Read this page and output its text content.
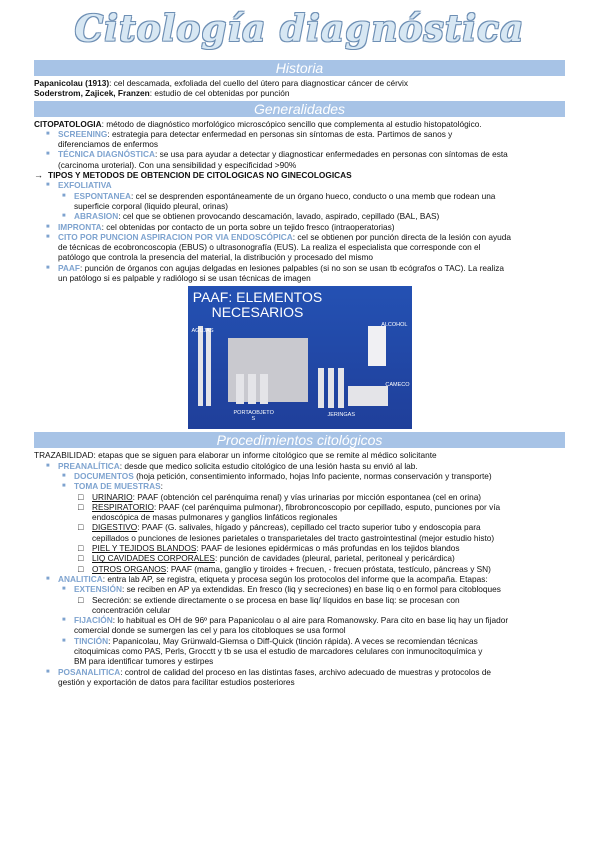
Citología diagnóstica
Historia
Papanicolau (1913): cel descamada, exfoliada del cuello del útero para diagnosticar cáncer de cérvix
Soderstrom, Zajicek, Franzen: estudio de cel obtenidas por punción
Generalidades
CITOPATOLOGIA: método de diagnóstico morfológico microscópico sencillo que complementa al estudio histopatológico.
■ SCREENING: estrategia para detectar enfermedad en personas sin síntomas de esta. Partimos de sanos y
diferenciamos de enfermos
■ TÉCNICA DIAGNÓSTICA: se usa para ayudar a detectar y diagnosticar enfermedades en personas con síntomas de esta
(carcinoma uroterial). Con una sensibilidad y especificidad >90%
→ TIPOS Y METODOS DE OBTENCION DE CITOLOGICAS NO GINECOLOGICAS
■ EXFOLIATIVA
■ ESPONTANEA: cel se desprenden espontáneamente de un órgano hueco, conducto o una memb que rodean una
superficie corporal (liquido pleural, orinas)
■ ABRASION: cel que se obtienen provocando descamación, lavado, aspirado, cepillado (BAL, BAS)
■ IMPRONTA: cel obtenidas por contacto de un porta sobre un tejido fresco (intraoperatorias)
■ CITO POR PUNCION ASPIRACION POR VIA ENDOSCÓPICA: cel se obtienen por punción directa de la lesión con ayuda
de técnicas de ecobroncoscopia (EBUS) o ultrasonografía (EUS). La realiza el especialista que corresponde con el
patólogo que controla la presencia del material, la distribución y procesado del mismo
■ PAAF: punción de órganos con agujas delgadas en lesiones palpables (si no son se usan tb ecógrafos o TAC). La realiza
un patólogo si es palpable y radiólogo si se usan técnicas de imagen
PAAF: ELEMENTOS
NECESARIOS
AGUJAS
ALCOHOL
CAMECO
PORTAOBJETO
S
JERINGAS
Procedimientos citológicos
TRAZABILIDAD: etapas que se siguen para elaborar un informe citológico que se remite al médico solicitante
■ PREANALÍTICA: desde que medico solicita estudio citológico de una lesión hasta su envió al lab.
■ DOCUMENTOS (hoja petición, consentimiento informado, hojas Info paciente, normas conservación y transporte)
■ TOMA DE MUESTRAS:
□ URINARIO: PAAF (obtención cel parénquima renal) y vías urinarias por micción espontanea (cel en orina)
□ RESPIRATORIO: PAAF (cel parénquima pulmonar), fibrobroncoscopio por cepillado, esputo, punciones por vía
endoscópica de masas pulmonares y ganglios linfáticos regionales
□ DIGESTIVO: PAAF (G. salivales, hígado y páncreas), cepillado cel tracto superior tubo y endoscopia para
cepillados o punciones de lesiones parietales o transparietales del tracto gastrointestinal (mejor estudio histo)
□ PIEL Y TEJIDOS BLANDOS: PAAF de lesiones epidérmicas o más profundas en los tejidos blandos
□ LIQ CAVIDADES CORPORALES: punción de cavidades (pleural, parietal, peritoneal y pericárdica)
□ OTROS ORGANOS: PAAF (mama, ganglio y tiroides + frecuen, - frecuen próstata, testículo, páncreas y SN)
■ ANALITICA: entra lab AP, se registra, etiqueta y procesa según los protocolos del informe que la acompaña. Etapas:
■ EXTENSIÓN: se reciben en AP ya extendidas. En fresco (liq y secreciones) en base liq o en formol para citobloques
□ Secreción: se extiende directamente o se procesa en base liq/ líquidos en base liq: se procesan con
concentración celular
■ FIJACIÓN: lo habitual es OH de 96º para Papanicolau o al aire para Romanowsky. Para cito en base liq hay un fijador
comercial donde se sumergen las cel y para los citobloques se usa formol
■ TINCIÓN: Papanicolau, May Grünwald-Giemsa o Diff-Quick (tinción rápida). A veces se recomiendan técnicas
citoquimicas como PAS, Perls, Grocctt y tb se usa el estudio de marcadores celulares con inmunocitoquímica y
BM para identificar tumores y estirpes
■ POSANALITICA: control de calidad del proceso en las distintas fases, archivo adecuado de muestras y protocolos de
gestión y exportación de datos para facilitar estudios posteriores
